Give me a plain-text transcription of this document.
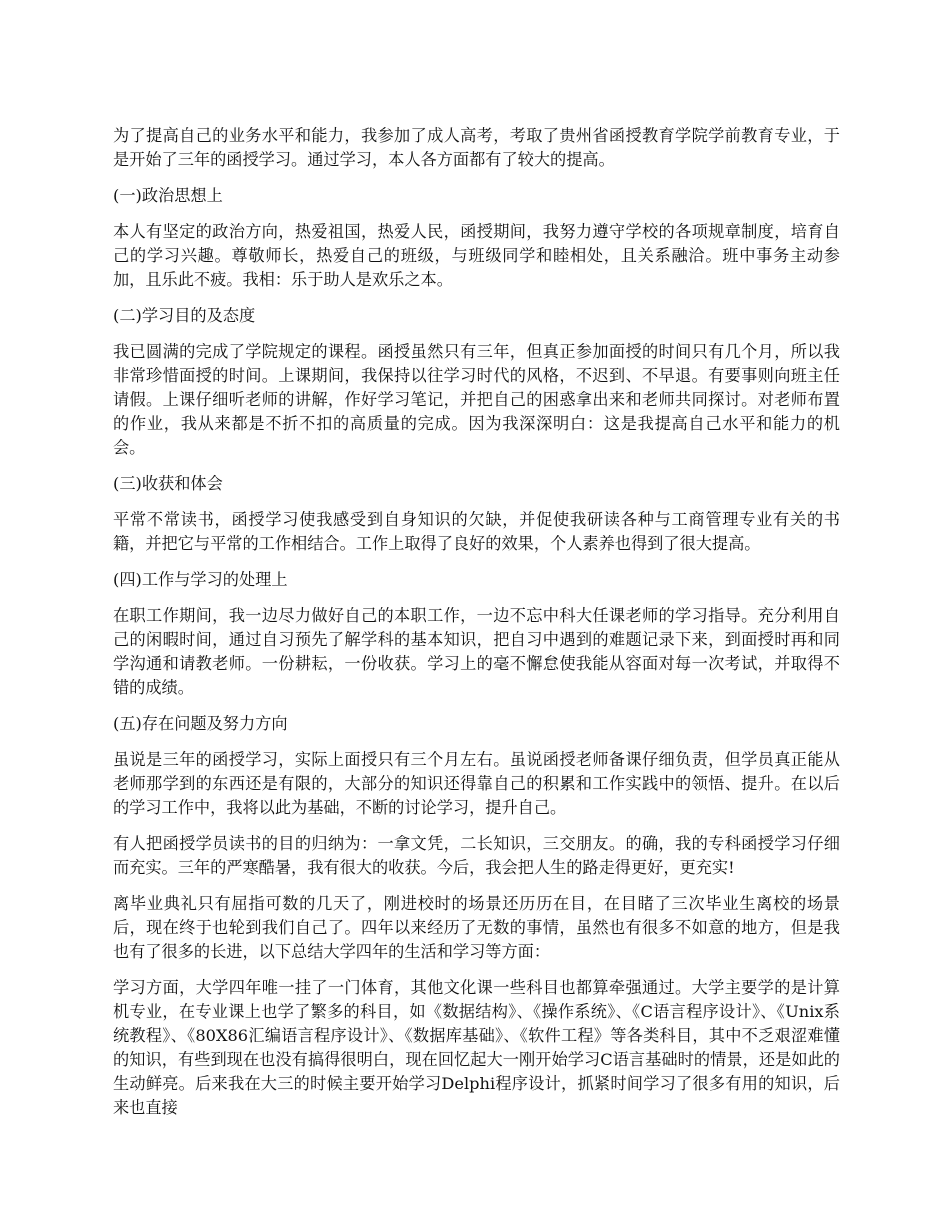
为了提高自己的业务水平和能力，我参加了成人高考，考取了贵州省函授教育学院学前教育专业，于是开始了三年的函授学习。通过学习，本人各方面都有了较大的提高。

(一)政治思想上

本人有坚定的政治方向，热爱祖国，热爱人民，函授期间，我努力遵守学校的各项规章制度，培育自己的学习兴趣。尊敬师长，热爱自己的班级，与班级同学和睦相处，且关系融洽。班中事务主动参加，且乐此不疲。我相：乐于助人是欢乐之本。

(二)学习目的及态度

我已圆满的完成了学院规定的课程。函授虽然只有三年，但真正参加面授的时间只有几个月，所以我非常珍惜面授的时间。上课期间，我保持以往学习时代的风格，不迟到、不早退。有要事则向班主任请假。上课仔细听老师的讲解，作好学习笔记，并把自己的困惑拿出来和老师共同探讨。对老师布置的作业，我从来都是不折不扣的高质量的完成。因为我深深明白：这是我提高自己水平和能力的机会。

(三)收获和体会

平常不常读书，函授学习使我感受到自身知识的欠缺，并促使我研读各种与工商管理专业有关的书籍，并把它与平常的工作相结合。工作上取得了良好的效果，个人素养也得到了很大提高。

(四)工作与学习的处理上

在职工作期间，我一边尽力做好自己的本职工作，一边不忘中科大任课老师的学习指导。充分利用自己的闲暇时间，通过自习预先了解学科的基本知识，把自习中遇到的难题记录下来，到面授时再和同学沟通和请教老师。一份耕耘，一份收获。学习上的毫不懈怠使我能从容面对每一次考试，并取得不错的成绩。

(五)存在问题及努力方向

虽说是三年的函授学习，实际上面授只有三个月左右。虽说函授老师备课仔细负责，但学员真正能从老师那学到的东西还是有限的，大部分的知识还得靠自己的积累和工作实践中的领悟、提升。在以后的学习工作中，我将以此为基础，不断的讨论学习，提升自己。

有人把函授学员读书的目的归纳为：一拿文凭，二长知识，三交朋友。的确，我的专科函授学习仔细而充实。三年的严寒酷暑，我有很大的收获。今后，我会把人生的路走得更好，更充实!

离毕业典礼只有屈指可数的几天了，刚进校时的场景还历历在目，在目睹了三次毕业生离校的场景后，现在终于也轮到我们自己了。四年以来经历了无数的事情，虽然也有很多不如意的地方，但是我也有了很多的长进，以下总结大学四年的生活和学习等方面：

学习方面，大学四年唯一挂了一门体育，其他文化课一些科目也都算牵强通过。大学主要学的是计算机专业，在专业课上也学了繁多的科目，如《数据结构》、《操作系统》、《C语言程序设计》、《Unix系统教程》、《80X86汇编语言程序设计》、《数据库基础》、《软件工程》等各类科目，其中不乏艰涩难懂的知识，有些到现在也没有搞得很明白，现在回忆起大一刚开始学习C语言基础时的情景，还是如此的生动鲜亮。后来我在大三的时候主要开始学习Delphi程序设计，抓紧时间学习了很多有用的知识，后来也直接
